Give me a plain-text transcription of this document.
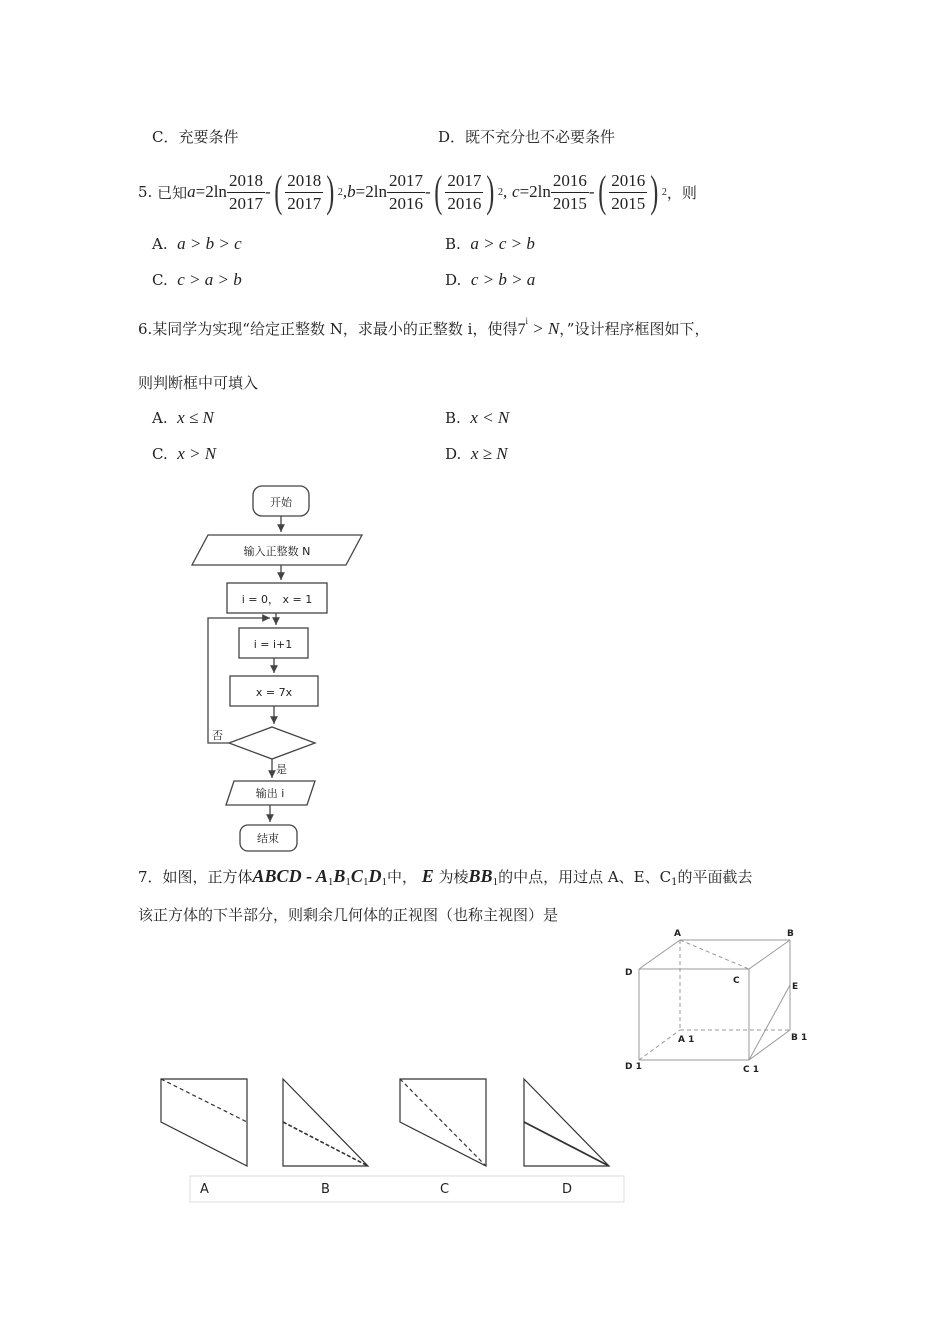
C．充要条件	D．既不充分也不必要条件
5.
已知 a =2 $\ln \frac{2018}{2017}$ - ( $\frac{2018}{2017}$ ) 2 , b =2 $\ln \frac{2017}{2016}$ - ( $\frac{2017}{2016}$ ) 2 ,
c =2 $\ln \frac{2016}{2015}$ - ( $\frac{2016}{2015}$ ) 2 ，则
A. a > b > c	B. a > c > b
C. c > a > b	D. c > b > a
6.某同学为实现“给定正整数 N，求最小的正整数 i，使得$7^i > N$，”设计程序框图如下，
则判断框中可填入
A. x ≤ N	B. x < N
C. x > N	D. x ≥ N
开始
输入正整数 N
i = 0， x = 1
i = i+1
x = 7x
否
是
输出 i
结束
7．如图，正方体ABCD - $A_1B_1C_1D_1$中， E 为棱$BB_1$的中点，用过点 A、E、$C_1$的平面截去
该正方体的下半部分，则剩余几何体的正视图（也称主视图）是
A	B
C
D
E
A 1	B 1
C 1
D 1
A	B	C	D
